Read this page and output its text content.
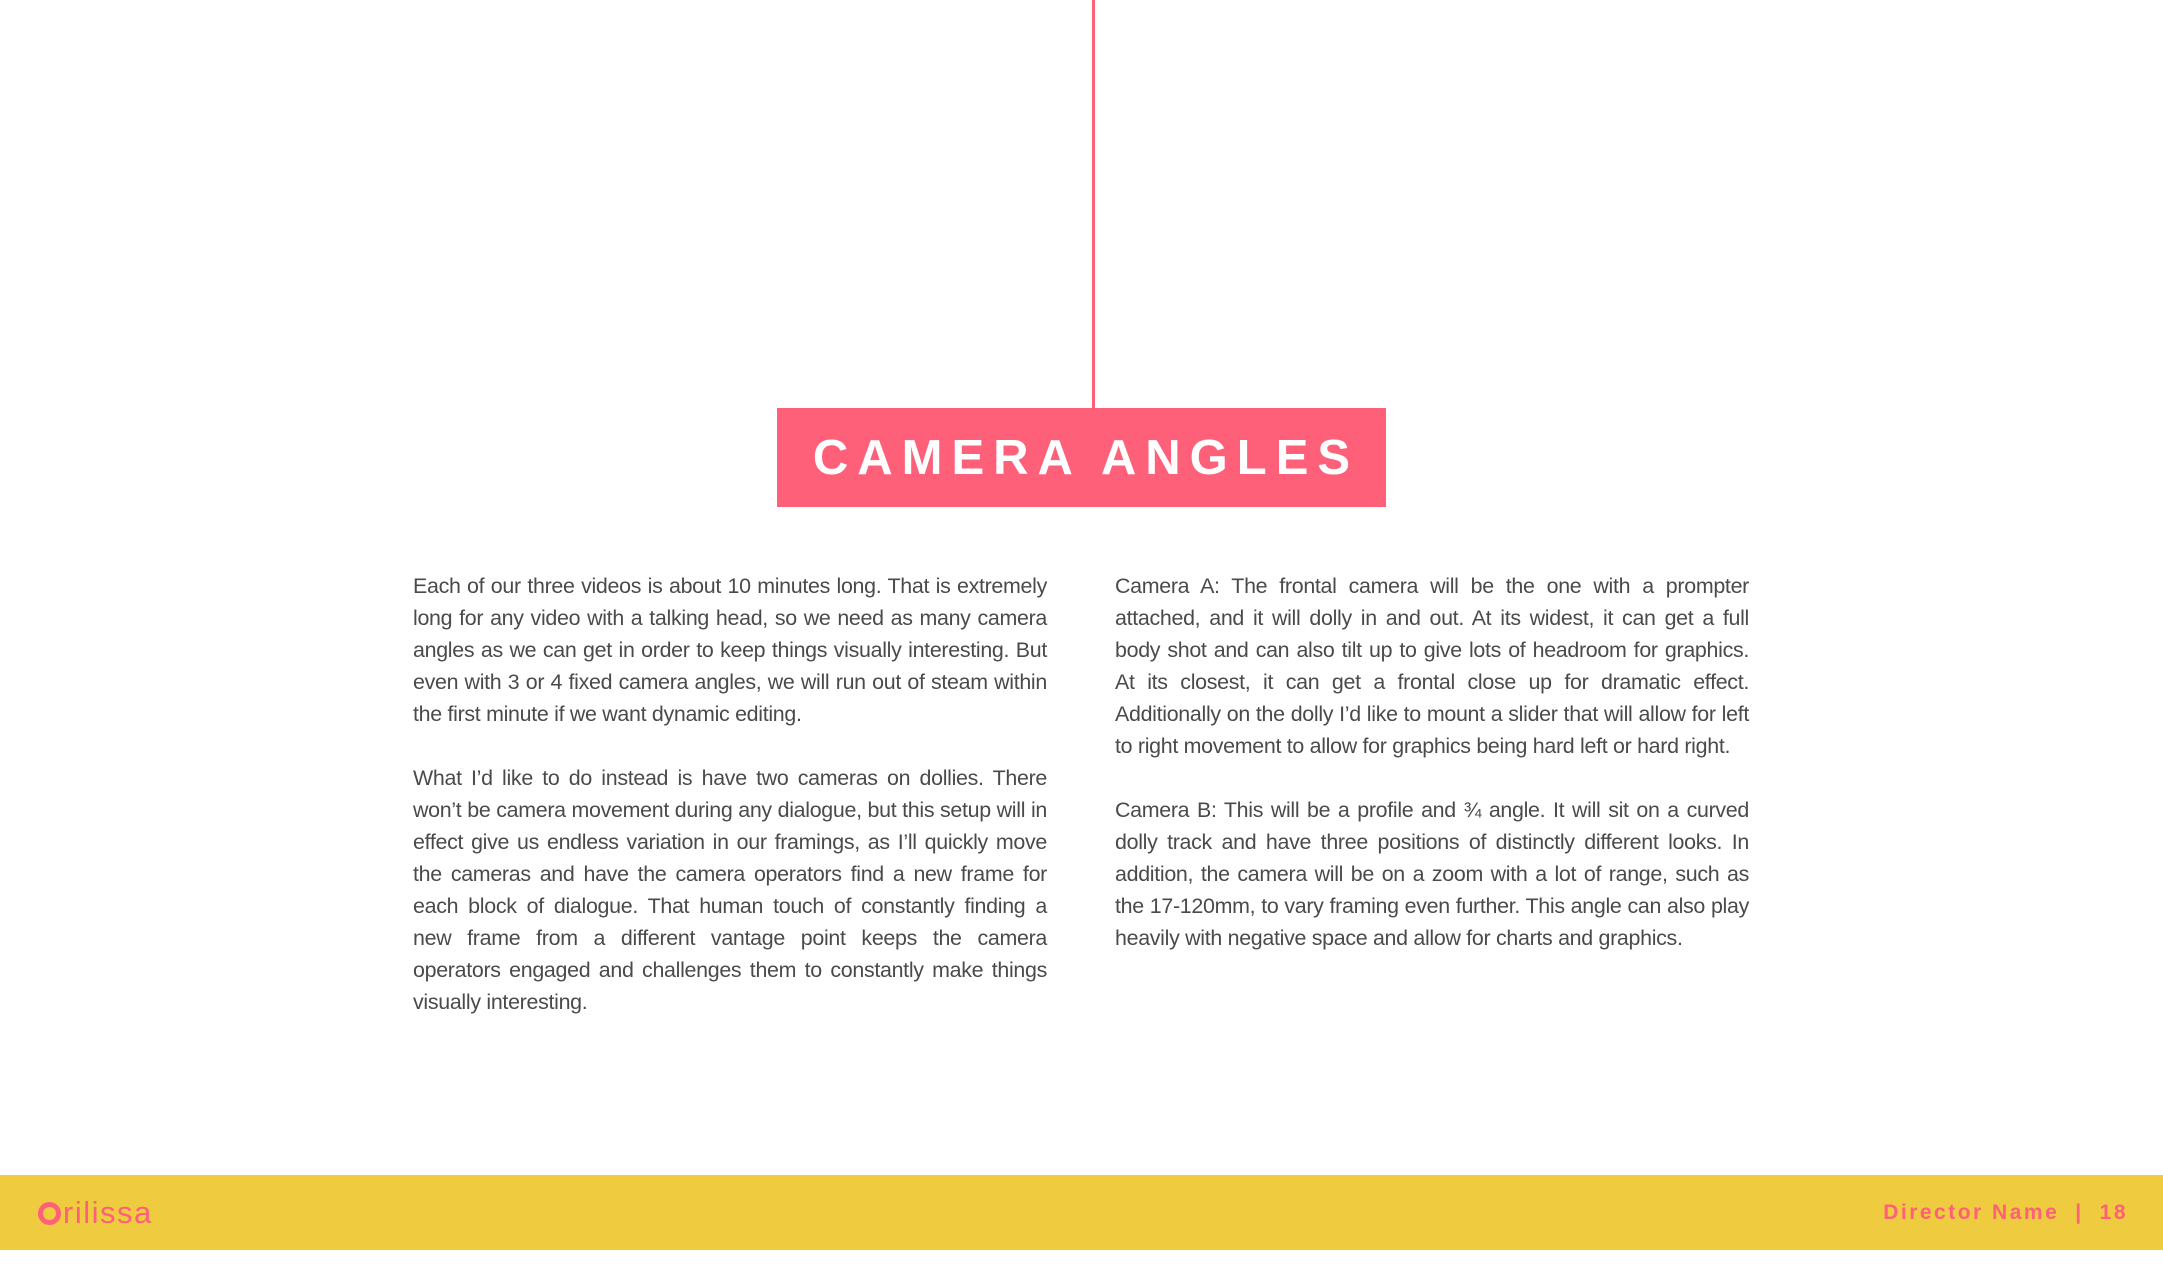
CAMERA ANGLES

Each of our three videos is about 10 minutes long. That is extremely long for any video with a talking head, so we need as many camera angles as we can get in order to keep things visually interesting. But even with 3 or 4 fixed camera angles, we will run out of steam within the first minute if we want dynamic editing.

What I’d like to do instead is have two cameras on dollies. There won’t be camera movement during any dialogue, but this setup will in effect give us endless variation in our framings, as I’ll quickly move the cameras and have the camera operators find a new frame for each block of dialogue. That human touch of constantly finding a new frame from a different vantage point keeps the camera operators engaged and challenges them to constantly make things visually interesting.

Camera A: The frontal camera will be the one with a prompter attached, and it will dolly in and out. At its widest, it can get a full body shot and can also tilt up to give lots of headroom for graphics. At its closest, it can get a frontal close up for dramatic effect. Additionally on the dolly I’d like to mount a slider that will allow for left to right movement to allow for graphics being hard left or hard right.

Camera B: This will be a profile and ¾ angle. It will sit on a curved dolly track and have three positions of distinctly different looks. In addition, the camera will be on a zoom with a lot of range, such as the 17-120mm, to vary framing even further. This angle can also play heavily with negative space and allow for charts and graphics.

rilissa	Director Name | 18
